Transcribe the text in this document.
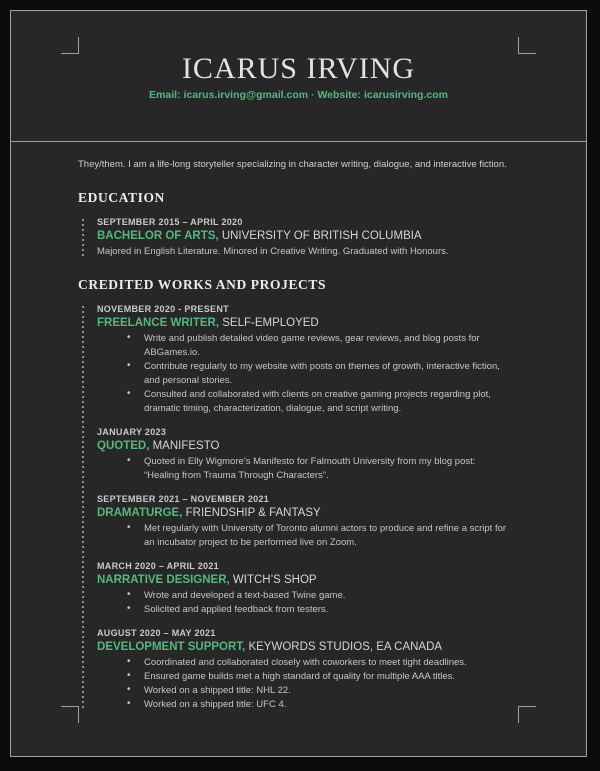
ICARUS IRVING
Email: icarus.irving@gmail.com · Website: icarusirving.com

They/them. I am a life-long storyteller specializing in character writing, dialogue, and interactive fiction.

EDUCATION
SEPTEMBER 2015 – APRIL 2020
BACHELOR OF ARTS, UNIVERSITY OF BRITISH COLUMBIA
Majored in English Literature. Minored in Creative Writing. Graduated with Honours.
CREDITED WORKS AND PROJECTS
NOVEMBER 2020 - PRESENT
FREELANCE WRITER, SELF-EMPLOYED
• Write and publish detailed video game reviews, gear reviews, and blog posts for ABGames.io.
• Contribute regularly to my website with posts on themes of growth, interactive fiction, and personal stories.
• Consulted and collaborated with clients on creative gaming projects regarding plot, dramatic timing, characterization, dialogue, and script writing.
JANUARY 2023
QUOTED, MANIFESTO
• Quoted in Elly Wigmore’s Manifesto for Falmouth University from my blog post: “Healing from Trauma Through Characters”.
SEPTEMBER 2021 – NOVEMBER 2021
DRAMATURGE, FRIENDSHIP & FANTASY
• Met regularly with University of Toronto alumni actors to produce and refine a script for an incubator project to be performed live on Zoom.
MARCH 2020 – APRIL 2021
NARRATIVE DESIGNER, WITCH’S SHOP
• Wrote and developed a text-based Twine game.
• Solicited and applied feedback from testers.
AUGUST 2020 – MAY 2021
DEVELOPMENT SUPPORT, KEYWORDS STUDIOS, EA CANADA
• Coordinated and collaborated closely with coworkers to meet tight deadlines.
• Ensured game builds met a high standard of quality for multiple AAA titles.
• Worked on a shipped title: NHL 22.
• Worked on a shipped title: UFC 4.
